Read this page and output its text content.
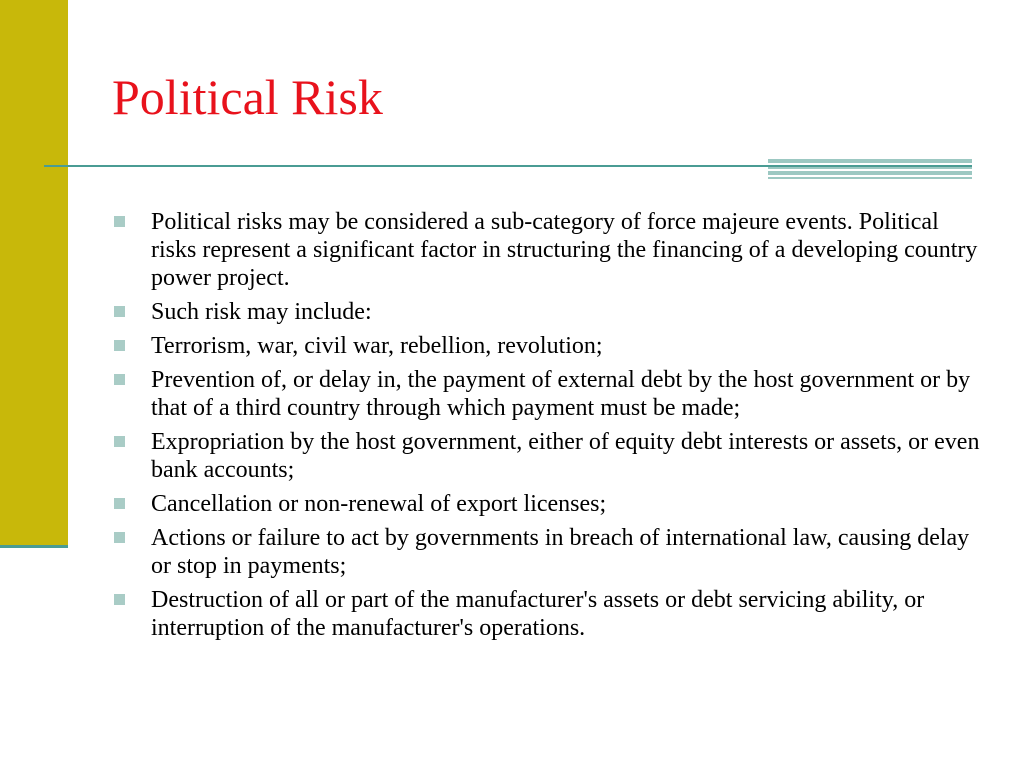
Political Risk
Political risks may be considered a sub-category of force majeure events. Political risks represent a significant factor in structuring the financing of a developing country power project.
Such risk may include:
Terrorism, war, civil war, rebellion, revolution;
Prevention of, or delay in, the payment of external debt by the host government or by that of a third country through which payment must be made;
Expropriation by the host government, either of equity debt interests or assets, or even bank accounts;
Cancellation or non-renewal of export licenses;
Actions or failure to act by governments in breach of international law, causing delay or stop in payments;
Destruction of all or part of the manufacturer's assets or debt servicing ability, or interruption of the manufacturer's operations.
